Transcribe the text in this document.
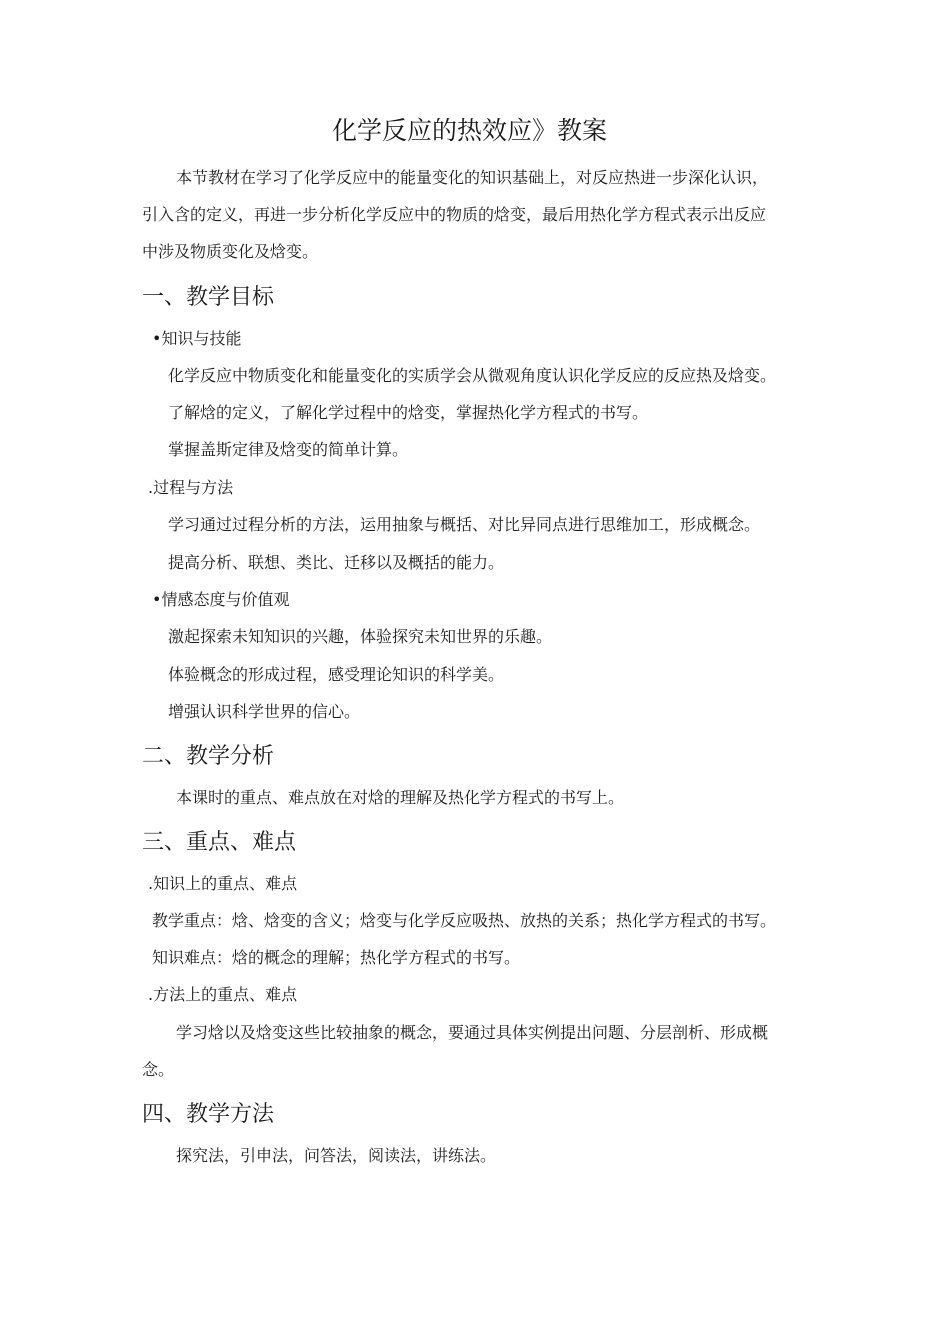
化学反应的热效应》教案
本节教材在学习了化学反应中的能量变化的知识基础上，对反应热进一步深化认识，
引入含的定义，再进一步分析化学反应中的物质的焓变，最后用热化学方程式表示出反应
中涉及物质变化及焓变。
一、教学目标
•知识与技能
化学反应中物质变化和能量变化的实质学会从微观角度认识化学反应的反应热及焓变。
了解焓的定义，了解化学过程中的焓变，掌握热化学方程式的书写。
掌握盖斯定律及焓变的简单计算。
.过程与方法
学习通过过程分析的方法，运用抽象与概括、对比异同点进行思维加工，形成概念。
提高分析、联想、类比、迁移以及概括的能力。
•情感态度与价值观
激起探索未知知识的兴趣，体验探究未知世界的乐趣。
体验概念的形成过程，感受理论知识的科学美。
增强认识科学世界的信心。
二、教学分析
本课时的重点、难点放在对焓的理解及热化学方程式的书写上。
三、重点、难点
.知识上的重点、难点
教学重点：焓、焓变的含义；焓变与化学反应吸热、放热的关系；热化学方程式的书写。
知识难点：焓的概念的理解；热化学方程式的书写。
.方法上的重点、难点
学习焓以及焓变这些比较抽象的概念，要通过具体实例提出问题、分层剖析、形成概
念。
四、教学方法
探究法，引申法，问答法，阅读法，讲练法。
